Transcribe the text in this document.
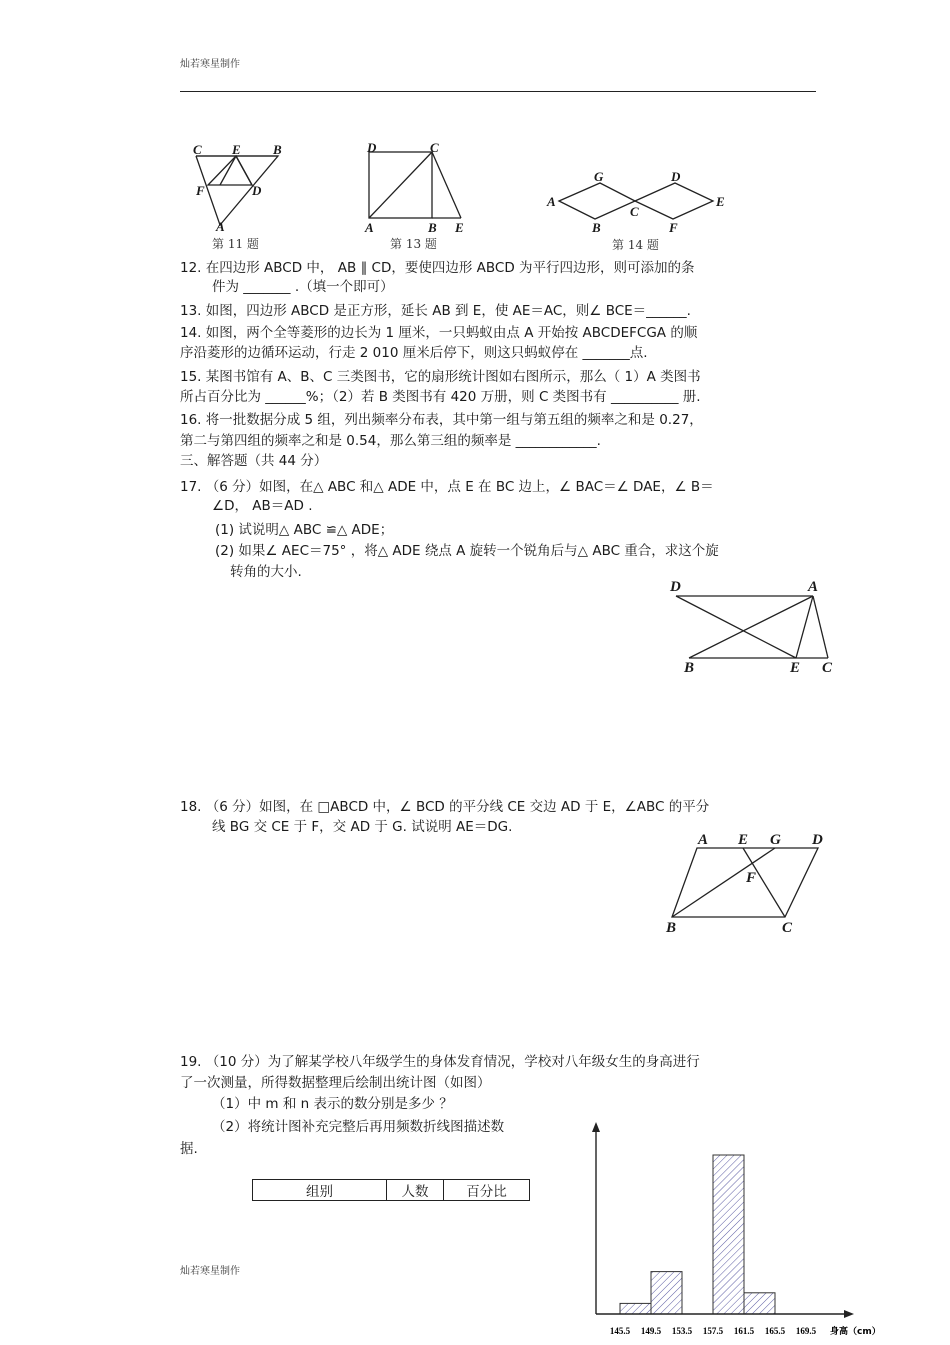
灿若寒星制作
C E B
F	D
A
第 11 题
D	C
A	B E
第 13 题
G	D
A
C
E
B	F
第 14 题
12. 在四边形 ABCD 中， AB ∥ CD，要使四边形 ABCD 为平行四边形，则可添加的条
件为 _______ .（填一个即可）
13. 如图，四边形 ABCD 是正方形，延长 AB 到 E，使 AE＝AC，则∠ BCE＝______.
14. 如图，两个全等菱形的边长为 1 厘米，一只蚂蚁由点 A 开始按 ABCDEFCGA 的顺
序沿菱形的边循环运动，行走 2 010 厘米后停下，则这只蚂蚁停在 _______点.
15. 某图书馆有 A、B、C 三类图书，它的扇形统计图如右图所示，那么（ 1）A 类图书
所占百分比为 ______%；（2）若 B 类图书有 420 万册，则 C 类图书有 __________ 册.
16. 将一批数据分成 5 组，列出频率分布表，其中第一组与第五组的频率之和是 0.27，
第二与第四组的频率之和是 0.54，那么第三组的频率是 ____________.
三、解答题（共 44 分）
17. （6 分）如图，在△ ABC 和△ ADE 中，点 E 在 BC 边上，∠ BAC＝∠ DAE，∠ B＝
∠D， AB＝AD .
(1) 试说明△ ABC ≌△ ADE；
(2) 如果∠ AEC＝75° ，将△ ADE 绕点 A 旋转一个锐角后与△ ABC 重合，求这个旋
转角的大小.
D	A
B	E C
18. （6 分）如图，在 □ABCD 中，∠ BCD 的平分线 CE 交边 AD 于 E，∠ABC 的平分
线 BG 交 CE 于 F，交 AD 于 G. 试说明 AE＝DG.
A E G D
F
B	C
19. （10 分）为了解某学校八年级学生的身体发育情况，学校对八年级女生的身高进行
了一次测量，所得数据整理后绘制出统计图（如图）
（1）中 m 和 n 表示的数分别是多少 ？
（2）将统计图补充完整后再用频数折线图描述数
据.
组别	人数	百分比
灿若寒星制作
145.5 149.5 153.5 157.5 161.5 165.5 169.5 身高（cm）
